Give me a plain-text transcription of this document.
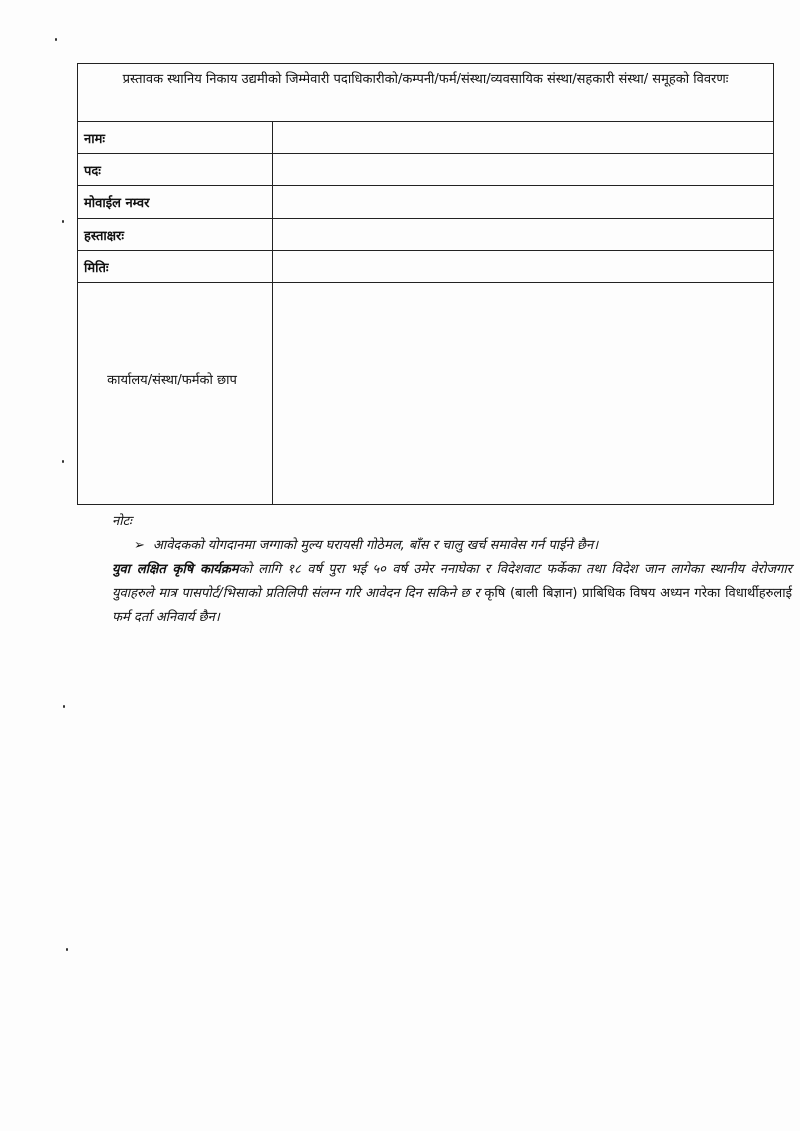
प्रस्तावक स्थानिय निकाय उद्यमीको जिम्मेवारी पदाधिकारीको/कम्पनी/फर्म/संस्था/व्यवसायिक संस्था/सहकारी संस्था/ समूहको विवरणः
नामः
पदः
मोवाईल नम्वर
हस्ताक्षरः
मितिः
कार्यालय/संस्था/फर्मको छाप
नोटः
➢ आवेदकको योगदानमा जग्गाको मुल्य घरायसी गोठेमल, बाँस र चालु खर्च समावेस गर्न पाईने छैन।

युवा लक्षित कृषि कार्यक्रमको लागि १८ वर्ष पुरा भई ५० वर्ष उमेर ननाघेका र विदेशवाट फर्केका तथा विदेश जान लागेका स्थानीय वेरोजगार युवाहरुले मात्र पासपोर्ट/भिसाको प्रतिलिपी संलग्न गरि आवेदन दिन सकिने छ र कृषि (बाली बिज्ञान) प्राबिधिक विषय अध्यन गरेका विधार्थीहरुलाई फर्म दर्ता अनिवार्य छैन।
